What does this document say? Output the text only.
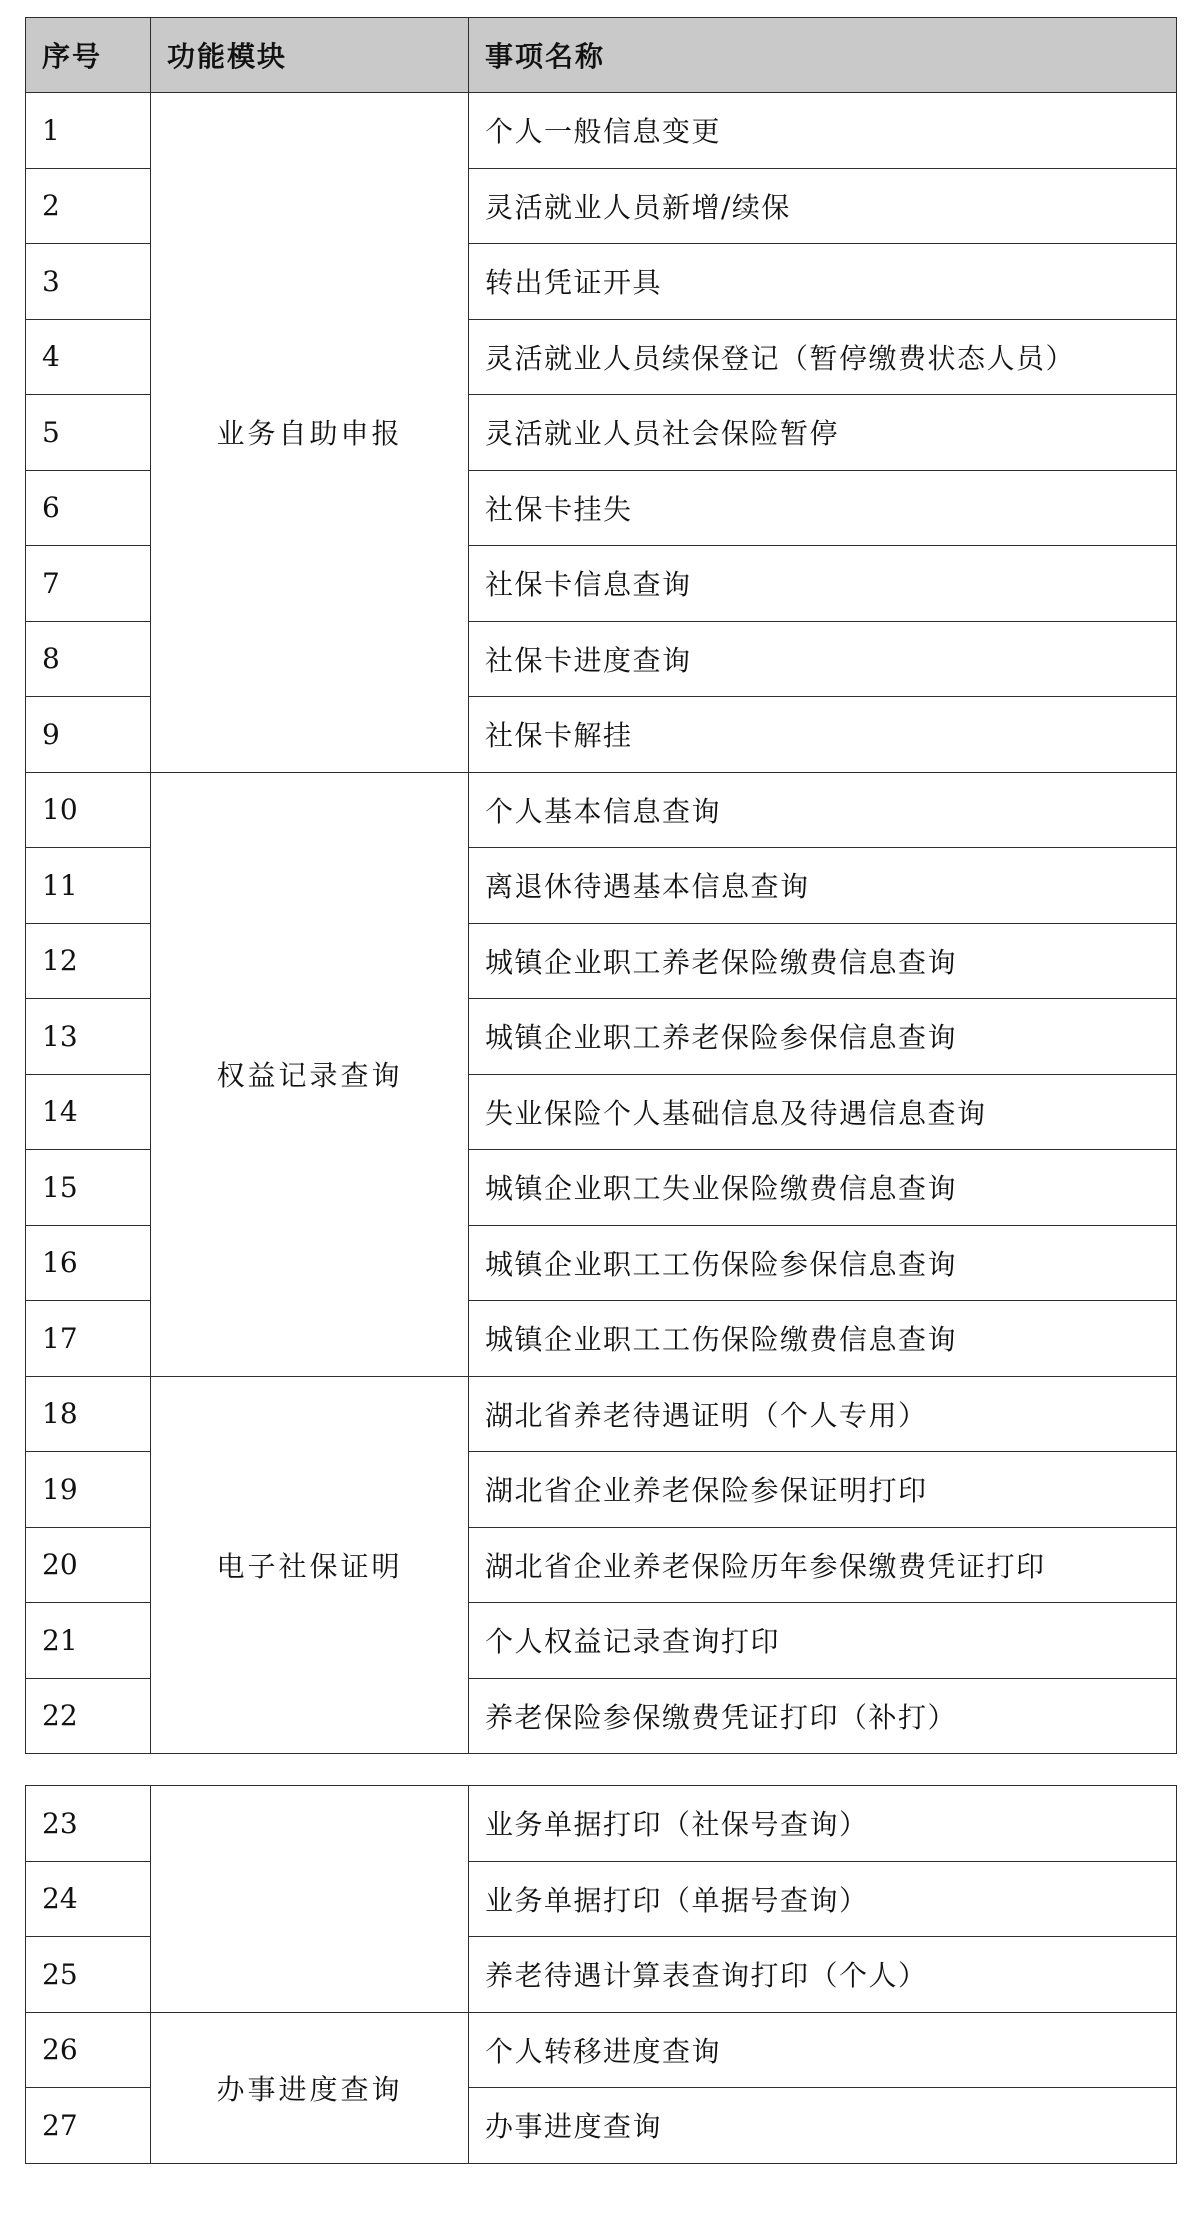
序号	功能模块	事项名称
1	业务自助申报	个人一般信息变更
2		灵活就业人员新增/续保
3		转出凭证开具
4		灵活就业人员续保登记（暂停缴费状态人员）
5		灵活就业人员社会保险暂停
6		社保卡挂失
7		社保卡信息查询
8		社保卡进度查询
9		社保卡解挂
10	权益记录查询	个人基本信息查询
11		离退休待遇基本信息查询
12		城镇企业职工养老保险缴费信息查询
13		城镇企业职工养老保险参保信息查询
14		失业保险个人基础信息及待遇信息查询
15		城镇企业职工失业保险缴费信息查询
16		城镇企业职工工伤保险参保信息查询
17		城镇企业职工工伤保险缴费信息查询
18	电子社保证明	湖北省养老待遇证明（个人专用）
19		湖北省企业养老保险参保证明打印
20		湖北省企业养老保险历年参保缴费凭证打印
21		个人权益记录查询打印
22		养老保险参保缴费凭证打印（补打）
23		业务单据打印（社保号查询）
24		业务单据打印（单据号查询）
25		养老待遇计算表查询打印（个人）
26	办事进度查询	个人转移进度查询
27		办事进度查询
